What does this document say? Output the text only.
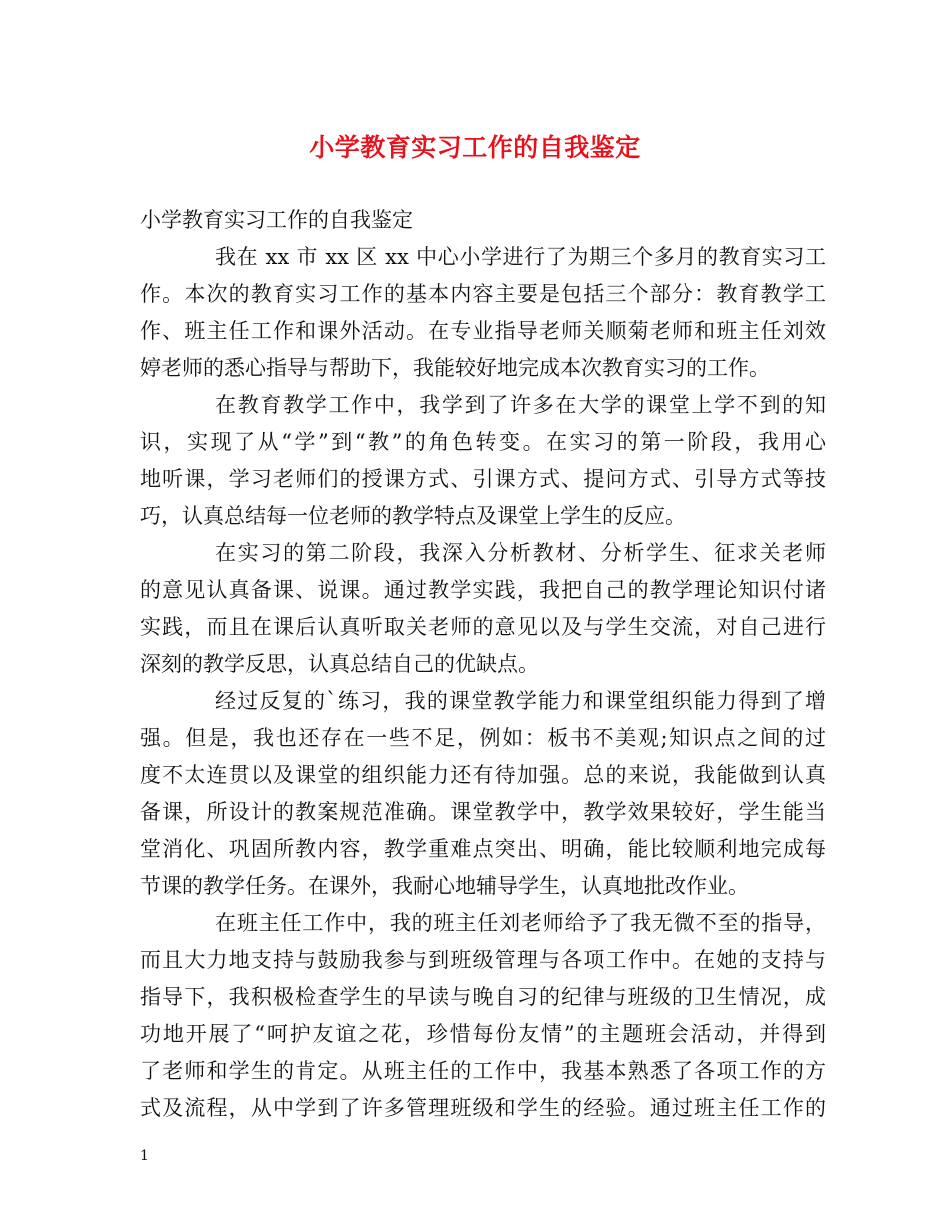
小学教育实习工作的自我鉴定
小学教育实习工作的自我鉴定
我在 xx 市 xx 区 xx 中心小学进行了为期三个多月的教育实习工
作。本次的教育实习工作的基本内容主要是包括三个部分：教育教学工
作、班主任工作和课外活动。在专业指导老师关顺菊老师和班主任刘效
婷老师的悉心指导与帮助下，我能较好地完成本次教育实习的工作。
在教育教学工作中，我学到了许多在大学的课堂上学不到的知
识，实现了从“学”到“教”的角色转变。在实习的第一阶段，我用心
地听课，学习老师们的授课方式、引课方式、提问方式、引导方式等技
巧，认真总结每一位老师的教学特点及课堂上学生的反应。
在实习的第二阶段，我深入分析教材、分析学生、征求关老师
的意见认真备课、说课。通过教学实践，我把自己的教学理论知识付诸
实践，而且在课后认真听取关老师的意见以及与学生交流，对自己进行
深刻的教学反思，认真总结自己的优缺点。
经过反复的`练习，我的课堂教学能力和课堂组织能力得到了增
强。但是，我也还存在一些不足，例如：板书不美观;知识点之间的过
度不太连贯以及课堂的组织能力还有待加强。总的来说，我能做到认真
备课，所设计的教案规范准确。课堂教学中，教学效果较好，学生能当
堂消化、巩固所教内容，教学重难点突出、明确，能比较顺利地完成每
节课的教学任务。在课外，我耐心地辅导学生，认真地批改作业。
在班主任工作中，我的班主任刘老师给予了我无微不至的指导，
而且大力地支持与鼓励我参与到班级管理与各项工作中。在她的支持与
指导下，我积极检查学生的早读与晚自习的纪律与班级的卫生情况，成
功地开展了“呵护友谊之花，珍惜每份友情”的主题班会活动，并得到
了老师和学生的肯定。从班主任的工作中，我基本熟悉了各项工作的方
式及流程，从中学到了许多管理班级和学生的经验。通过班主任工作的
1
